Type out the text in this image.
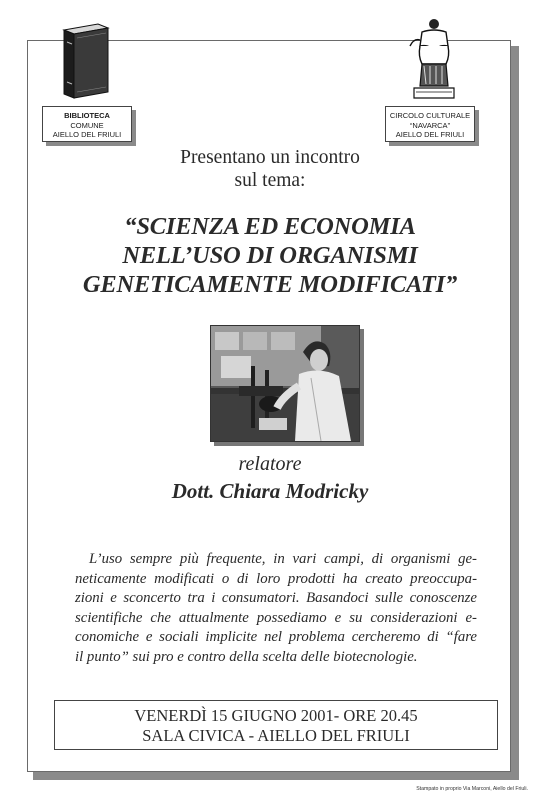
BIBLIOTECA
COMUNE
AIELLO DEL FRIULI
CIRCOLO CULTURALE
“NAVARCA”
AIELLO DEL FRIULI
Presentano un incontro
sul tema:
“SCIENZA ED ECONOMIA
NELL’USO DI ORGANISMI
GENETICAMENTE MODIFICATI”
relatore
Dott. Chiara Modricky
L’uso sempre più frequente, in vari campi, di organismi ge-
neticamente modificati o di loro prodotti ha creato preoccupa-
zioni e sconcerto tra i consumatori. Basandoci sulle conoscenze
scientifiche che attualmente possediamo e su considerazioni e-
conomiche e sociali implicite nel problema cercheremo di “fare
il punto” sui pro e contro della scelta delle biotecnologie.
VENERDÌ 15 GIUGNO 2001- ORE 20.45
SALA CIVICA - AIELLO DEL FRIULI
Stampato in proprio Via Marconi, Aiello del Friuli.
